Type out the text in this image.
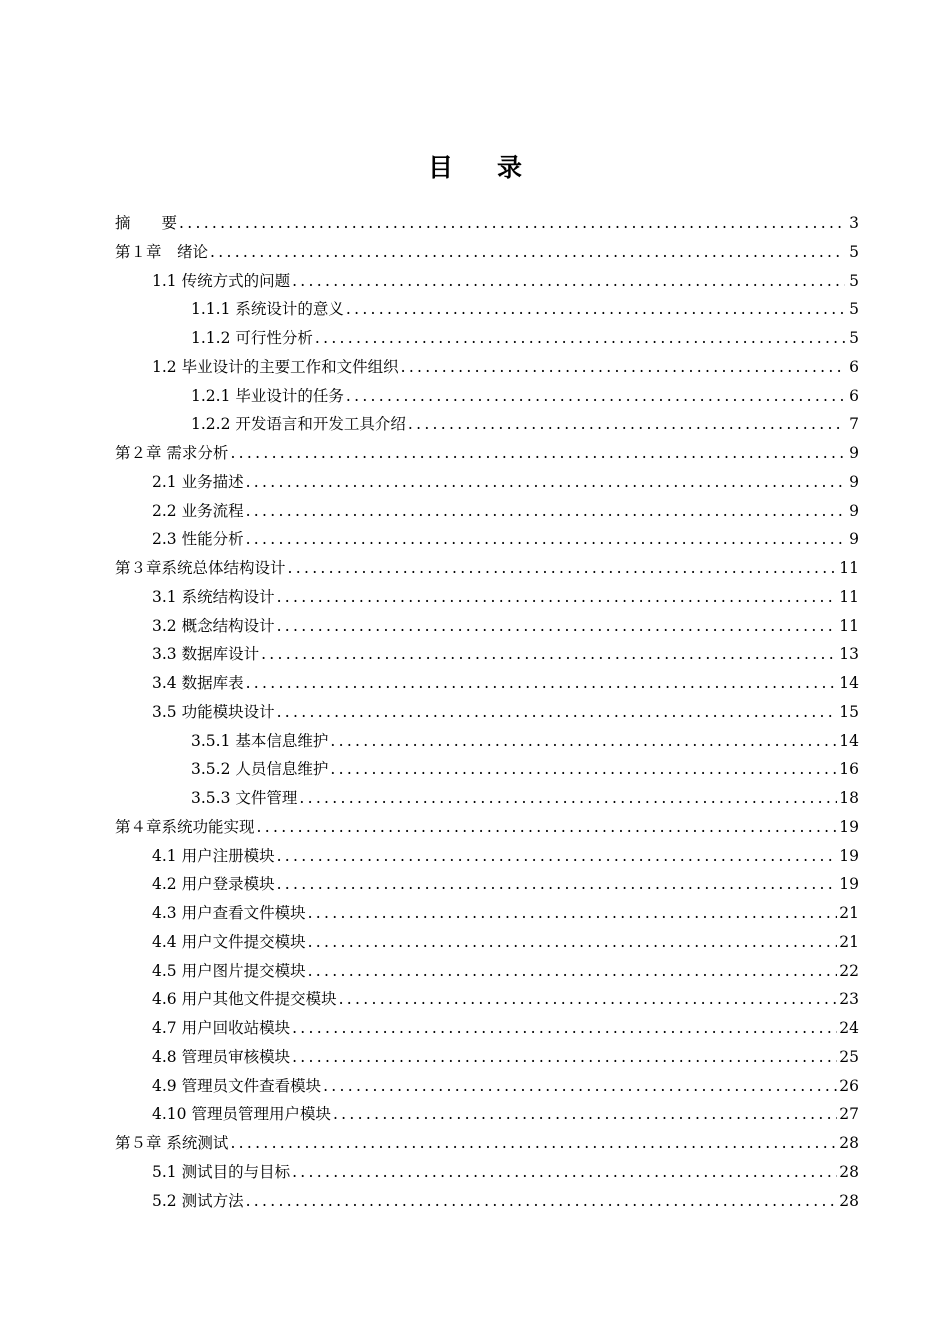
目 录
摘　　要 .....	3
第１章　绪论 .....	5
1.1 传统方式的问题 .....	5
1.1.1 系统设计的意义 .....	5
1.1.2 可行性分析 .....	5
1.2 毕业设计的主要工作和文件组织 .....	6
1.2.1 毕业设计的任务 .....	6
1.2.2 开发语言和开发工具介绍 .....	7
第２章 需求分析 .....	9
2.1 业务描述 .....	9
2.2 业务流程 .....	9
2.3 性能分析 .....	9
第３章系统总体结构设计 .....	11
3.1 系统结构设计 .....	11
3.2 概念结构设计 .....	11
3.3 数据库设计 .....	13
3.4 数据库表 .....	14
3.5 功能模块设计 .....	15
3.5.1 基本信息维护 .....	14
3.5.2 人员信息维护 .....	16
3.5.3 文件管理 .....	18
第４章系统功能实现 .....	19
4.1 用户注册模块 .....	19
4.2 用户登录模块 .....	19
4.3 用户查看文件模块 .....	21
4.4 用户文件提交模块 .....	21
4.5 用户图片提交模块 .....	22
4.6 用户其他文件提交模块 .....	23
4.7 用户回收站模块 .....	24
4.8 管理员审核模块 .....	25
4.9 管理员文件查看模块 .....	26
4.10 管理员管理用户模块 .....	27
第５章 系统测试 .....	28
5.1 测试目的与目标 .....	28
5.2 测试方法 .....	28
